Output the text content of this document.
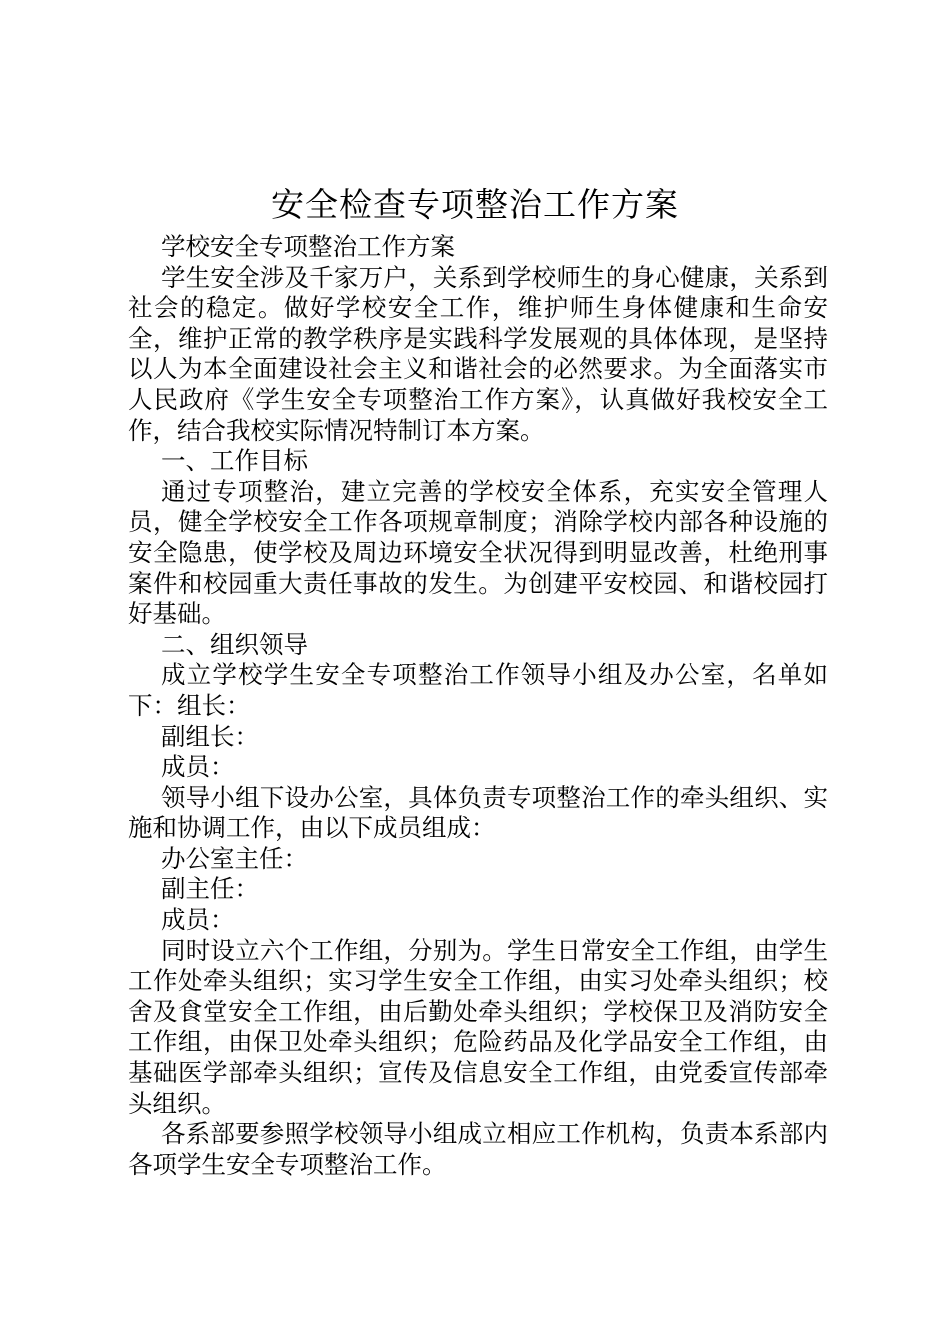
安全检查专项整治工作方案

学校安全专项整治工作方案

学生安全涉及千家万户，关系到学校师生的身心健康，关系到社会的稳定。做好学校安全工作，维护师生身体健康和生命安全，维护正常的教学秩序是实践科学发展观的具体体现，是坚持以人为本全面建设社会主义和谐社会的必然要求。为全面落实市人民政府《学生安全专项整治工作方案》，认真做好我校安全工作，结合我校实际情况特制订本方案。

一、工作目标

通过专项整治，建立完善的学校安全体系，充实安全管理人员，健全学校安全工作各项规章制度；消除学校内部各种设施的安全隐患，使学校及周边环境安全状况得到明显改善，杜绝刑事案件和校园重大责任事故的发生。为创建平安校园、和谐校园打好基础。

二、组织领导

成立学校学生安全专项整治工作领导小组及办公室，名单如下：组长：

副组长：

成员：

领导小组下设办公室，具体负责专项整治工作的牵头组织、实施和协调工作，由以下成员组成：

办公室主任：

副主任：

成员：

同时设立六个工作组，分别为。学生日常安全工作组，由学生工作处牵头组织；实习学生安全工作组，由实习处牵头组织；校舍及食堂安全工作组，由后勤处牵头组织；学校保卫及消防安全工作组，由保卫处牵头组织；危险药品及化学品安全工作组，由基础医学部牵头组织；宣传及信息安全工作组，由党委宣传部牵头组织。

各系部要参照学校领导小组成立相应工作机构，负责本系部内各项学生安全专项整治工作。
